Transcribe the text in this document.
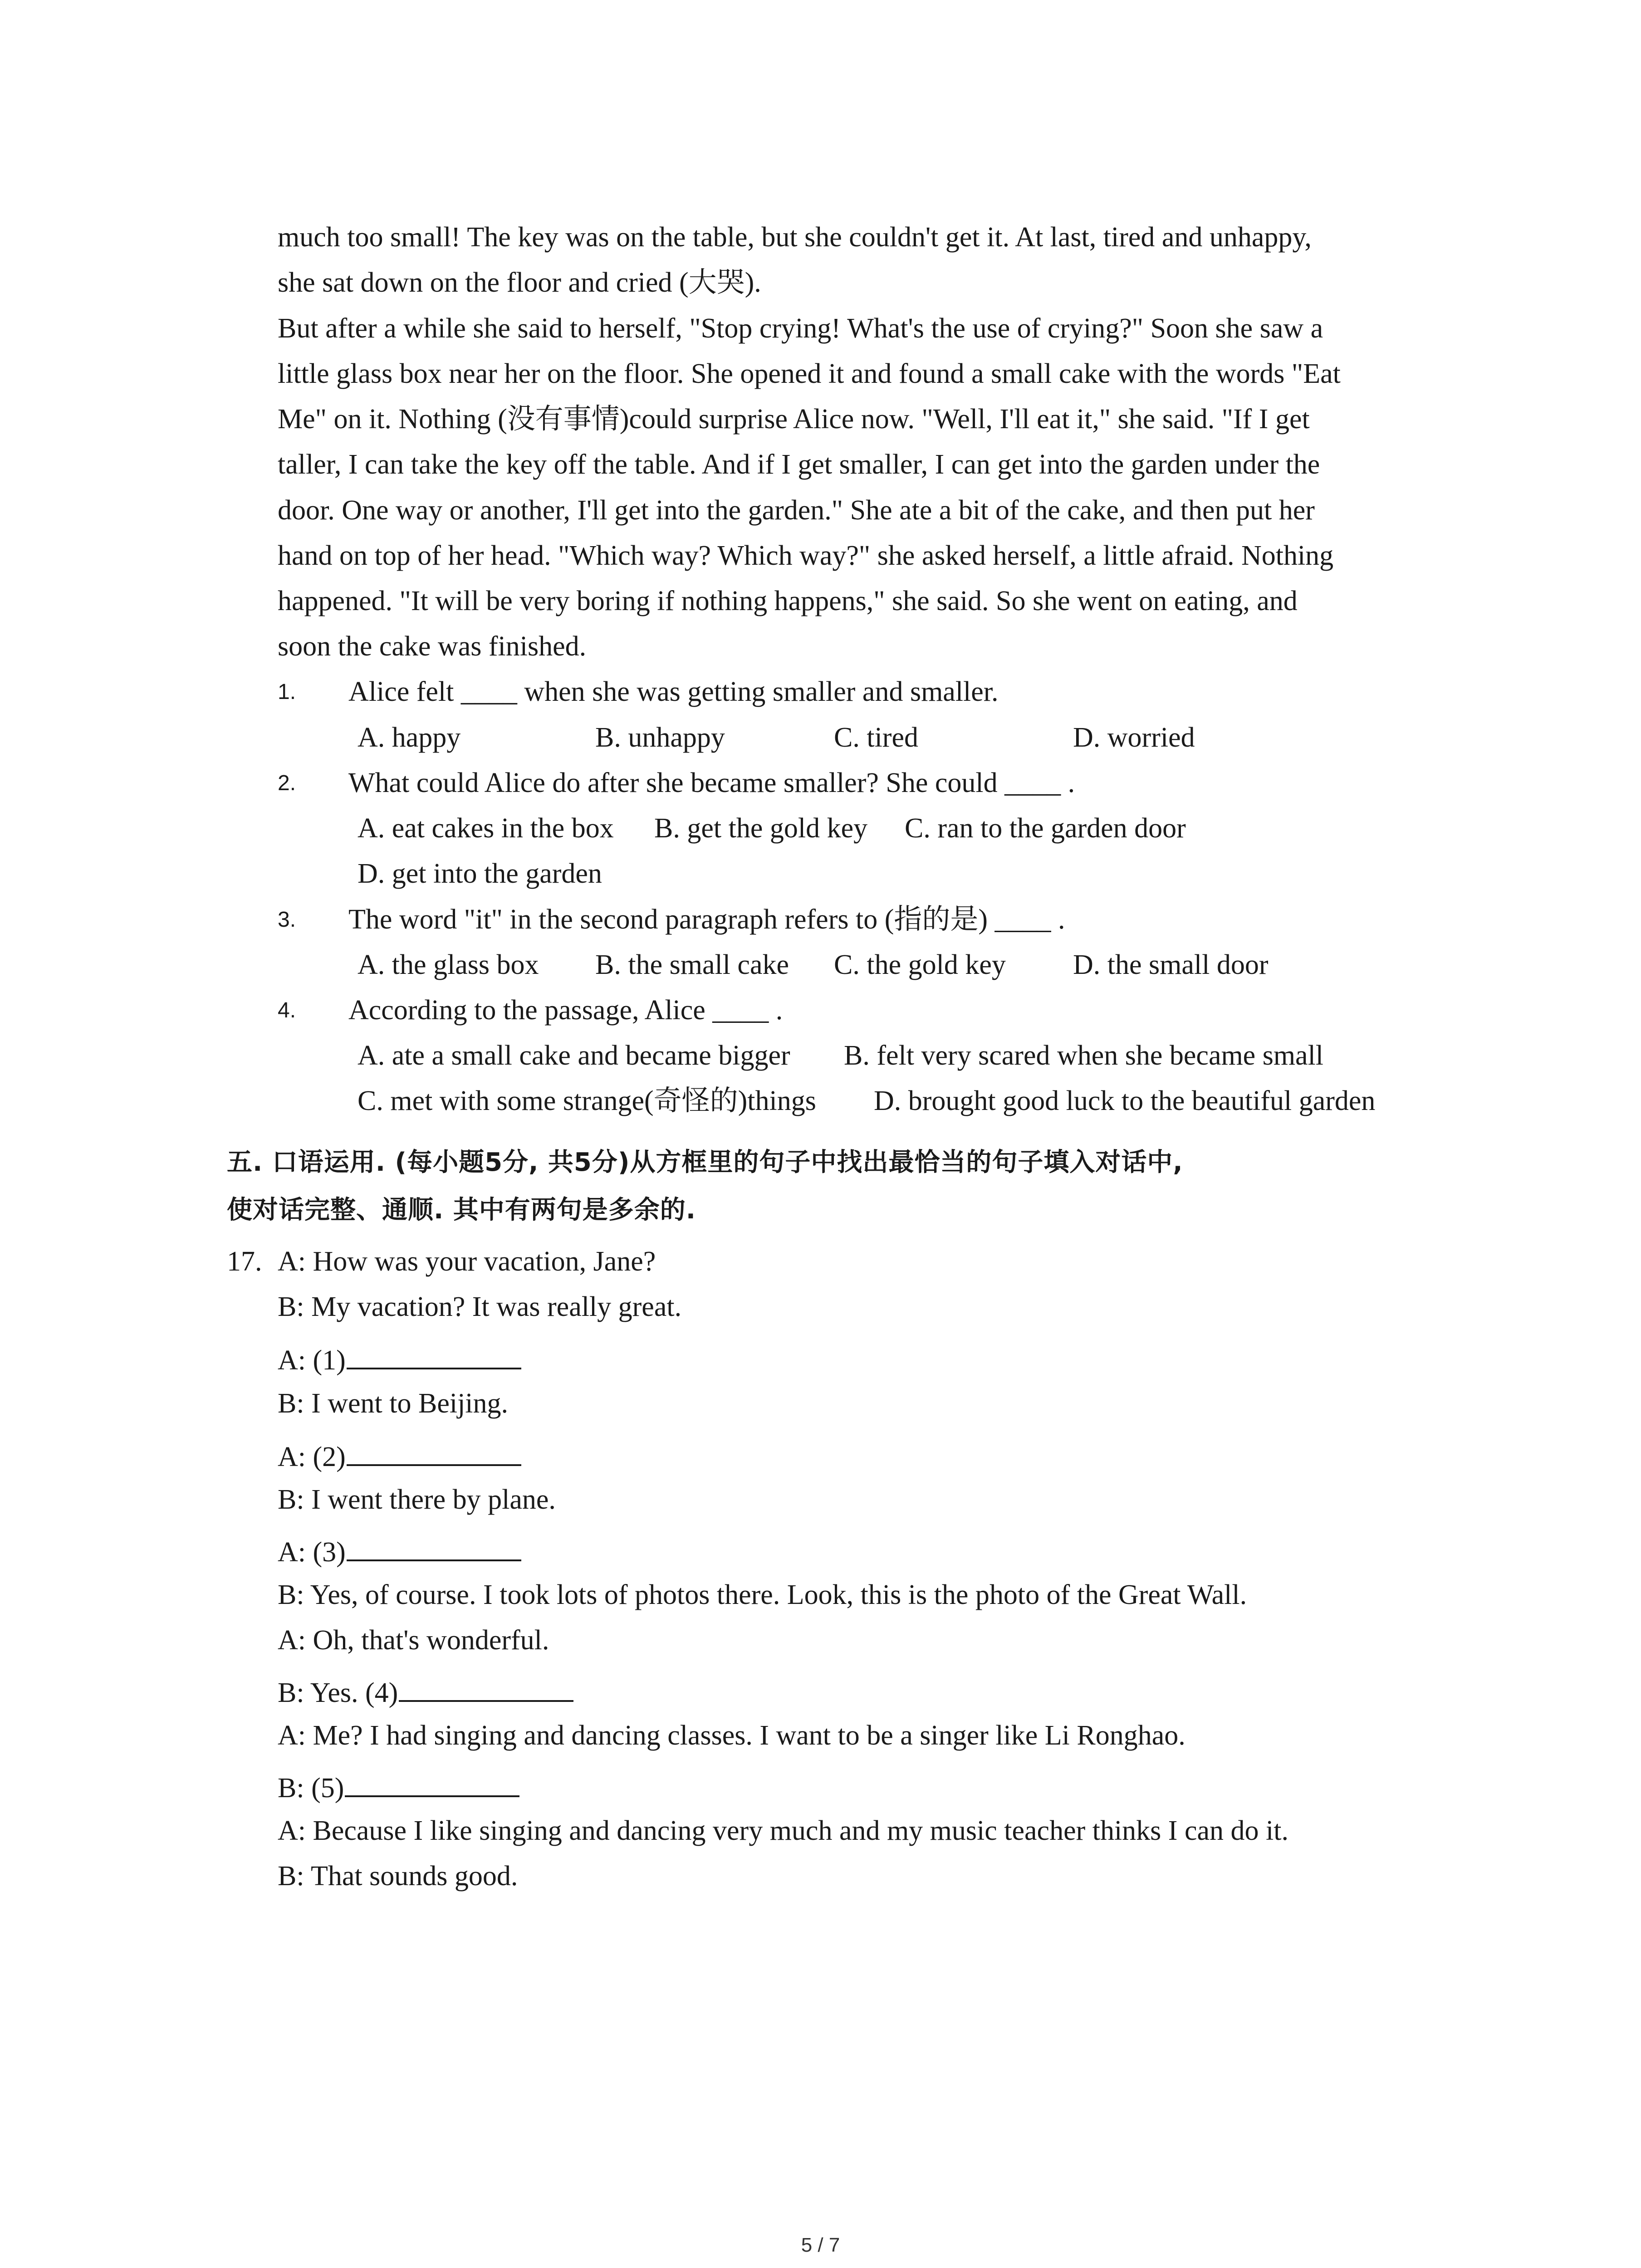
much too small! The key was on the table, but she couldn't get it. At last, tired and unhappy,
she sat down on the floor and cried (大哭).
But after a while she said to herself, "Stop crying! What's the use of crying?" Soon she saw a
little glass box near her on the floor. She opened it and found a small cake with the words "Eat
Me" on it. Nothing (没有事情)could surprise Alice now. "Well, I'll eat it," she said. "If I get
taller, I can take the key off the table. And if I get smaller, I can get into the garden under the
door. One way or another, I'll get into the garden." She ate a bit of the cake, and then put her
hand on top of her head. "Which way? Which way?" she asked herself, a little afraid. Nothing
happened. "It will be very boring if nothing happens," she said. So she went on eating, and
soon the cake was finished.
1. Alice felt ____ when she was getting smaller and smaller.
A. happy	B. unhappy	C. tired	D. worried
2. What could Alice do after she became smaller? She could ____ .
A. eat cakes in the box B. get the gold key C. ran to the garden door
D. get into the garden
3. The word "it" in the second paragraph refers to (指的是) ____ .
A. the glass box B. the small cake C. the gold key D. the small door
4. According to the passage, Alice ____ .
A. ate a small cake and became bigger B. felt very scared when she became small
C. met with some strange(奇怪的)things D. brought good luck to the beautiful garden
五. 口语运用. (每小题5分, 共5分)从方框里的句子中找出最恰当的句子填入对话中,
使对话完整、通顺. 其中有两句是多余的.
17. A: How was your vacation, Jane?
B: My vacation? It was really great.
A: (1)
B: I went to Beijing.
A: (2)
B: I went there by plane.
A: (3)
B: Yes, of course. I took lots of photos there. Look, this is the photo of the Great Wall.
A: Oh, that's wonderful.
B: Yes. (4)
A: Me? I had singing and dancing classes. I want to be a singer like Li Ronghao.
B: (5)
A: Because I like singing and dancing very much and my music teacher thinks I can do it.
B: That sounds good.
5 / 7
